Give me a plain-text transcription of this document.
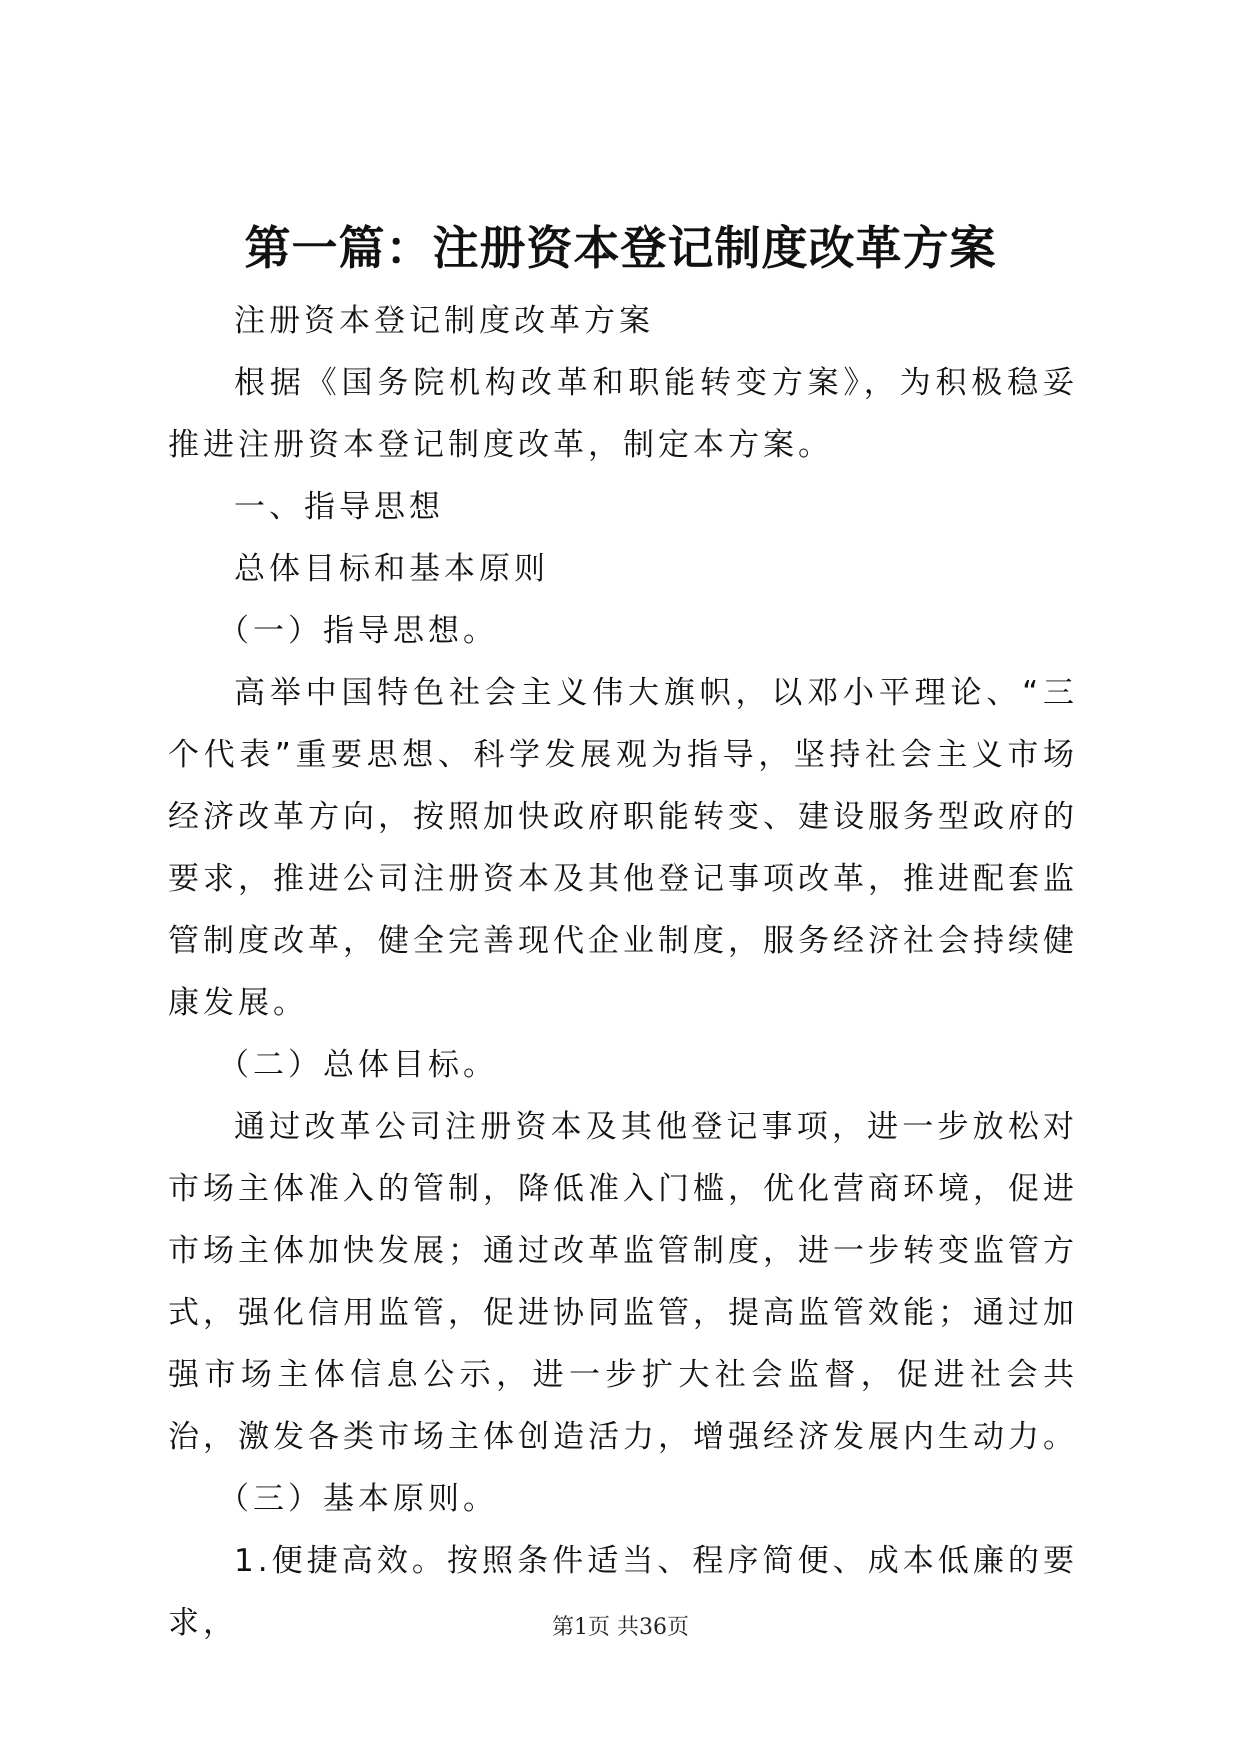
第一篇：注册资本登记制度改革方案

注册资本登记制度改革方案

根据《国务院机构改革和职能转变方案》，为积极稳妥推进注册资本登记制度改革，制定本方案。

一、指导思想

总体目标和基本原则

（一）指导思想。

高举中国特色社会主义伟大旗帜，以邓小平理论、“三个代表”重要思想、科学发展观为指导，坚持社会主义市场经济改革方向，按照加快政府职能转变、建设服务型政府的要求，推进公司注册资本及其他登记事项改革，推进配套监管制度改革，健全完善现代企业制度，服务经济社会持续健康发展。

（二）总体目标。

通过改革公司注册资本及其他登记事项，进一步放松对市场主体准入的管制，降低准入门槛，优化营商环境，促进市场主体加快发展；通过改革监管制度，进一步转变监管方式，强化信用监管，促进协同监管，提高监管效能；通过加强市场主体信息公示，进一步扩大社会监督，促进社会共治，激发各类市场主体创造活力，增强经济发展内生动力。

（三）基本原则。

1.便捷高效。按照条件适当、程序简便、成本低廉的要求，	第1页 共36页
